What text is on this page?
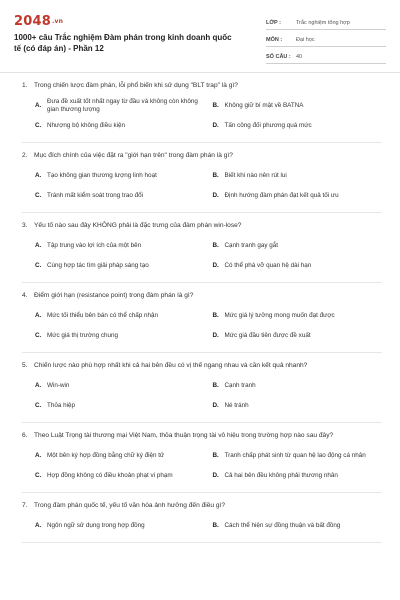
2048.vn
1000+ câu Trắc nghiệm Đàm phán trong kinh doanh quốc tế (có đáp án) - Phần 12
LỚP :	Trắc nghiệm tổng hợp
MÔN :	Đại học
SỐ CÂU : 40
1. Trong chiến lược đàm phán, lỗi phổ biến khi sử dụng "BLT trap" là gì?
A.
Đưa đề xuất tốt nhất ngay từ đầu và không còn không gian thương lượng
B. Không giữ bí mật về BATNA
C. Nhượng bộ không điều kiện	D. Tấn công đối phương quá mức
2. Mục đích chính của việc đặt ra "giới hạn trên" trong đàm phán là gì?
A. Tạo không gian thương lượng linh hoạt	B. Biết khi nào nên rút lui
C. Tránh mất kiểm soát trong trao đổi	D. Định hướng đàm phán đạt kết quả tối ưu
3. Yếu tố nào sau đây KHÔNG phải là đặc trưng của đàm phán win-lose?
A. Tập trung vào lợi ích của một bên	B. Cạnh tranh gay gắt
C. Cùng hợp tác tìm giải pháp sáng tạo	D. Có thể phá vỡ quan hệ dài hạn
4. Điểm giới hạn (resistance point) trong đàm phán là gì?
A. Mức tối thiểu bên bán có thể chấp nhận	B. Mức giá lý tưởng mong muốn đạt được
C. Mức giá thị trường chung	D. Mức giá đầu tiên được đề xuất
5. Chiến lược nào phù hợp nhất khi cả hai bên đều có vị thế ngang nhau và cần kết quả nhanh?
A. Win-win	B. Cạnh tranh
C. Thỏa hiệp	D. Né tránh
6. Theo Luật Trọng tài thương mại Việt Nam, thỏa thuận trọng tài vô hiệu trong trường hợp nào sau đây?
A. Một bên ký hợp đồng bằng chữ ký điện tử	B. Tranh chấp phát sinh từ quan hệ lao động cá nhân
C. Hợp đồng không có điều khoản phạt vi phạm	D. Cả hai bên đều không phải thương nhân
7. Trong đàm phán quốc tế, yếu tố văn hóa ảnh hưởng đến điều gì?
A. Ngôn ngữ sử dụng trong hợp đồng	B. Cách thể hiện sự đồng thuận và bất đồng
